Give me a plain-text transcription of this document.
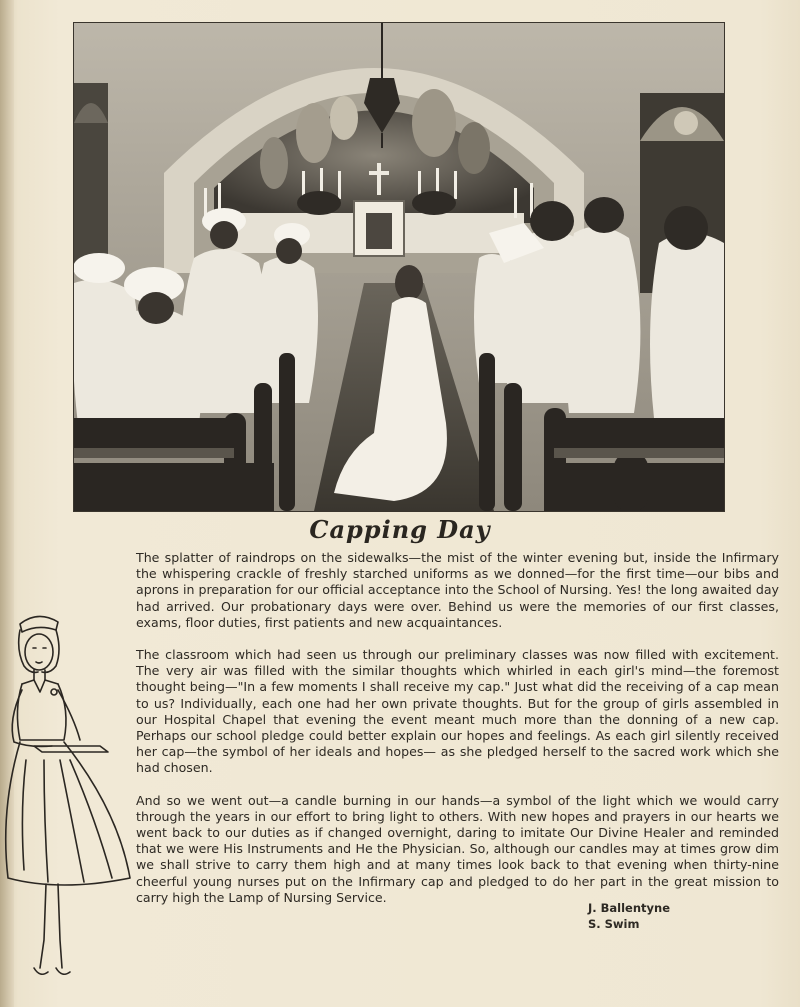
Capping Day

The splatter of raindrops on the sidewalks—the mist of the winter evening but, inside the Infirmary the whispering crackle of freshly starched uniforms as we donned—for the first time—our bibs and aprons in preparation for our official acceptance into the School of Nursing. Yes! the long awaited day had arrived. Our probationary days were over. Behind us were the memories of our first classes, exams, floor duties, first patients and new acquaintances.

The classroom which had seen us through our preliminary classes was now filled with excitement. The very air was filled with the similar thoughts which whirled in each girl's mind—the foremost thought being—"In a few moments I shall receive my cap." Just what did the receiving of a cap mean to us? Individually, each one had her own private thoughts. But for the group of girls assembled in our Hospital Chapel that evening the event meant much more than the donning of a new cap. Perhaps our school pledge could better explain our hopes and feelings. As each girl silently received her cap—the symbol of her ideals and hopes— as she pledged herself to the sacred work which she had chosen.

And so we went out—a candle burning in our hands—a symbol of the light which we would carry through the years in our effort to bring light to others. With new hopes and prayers in our hearts we went back to our duties as if changed overnight, daring to imitate Our Divine Healer and reminded that we were His Instruments and He the Physician. So, although our candles may at times grow dim we shall strive to carry them high and at many times look back to that evening when thirty-nine cheerful young nurses put on the Infirmary cap and pledged to do her part in the great mission to carry high the Lamp of Nursing Service.

J. Ballentyne
S. Swim
